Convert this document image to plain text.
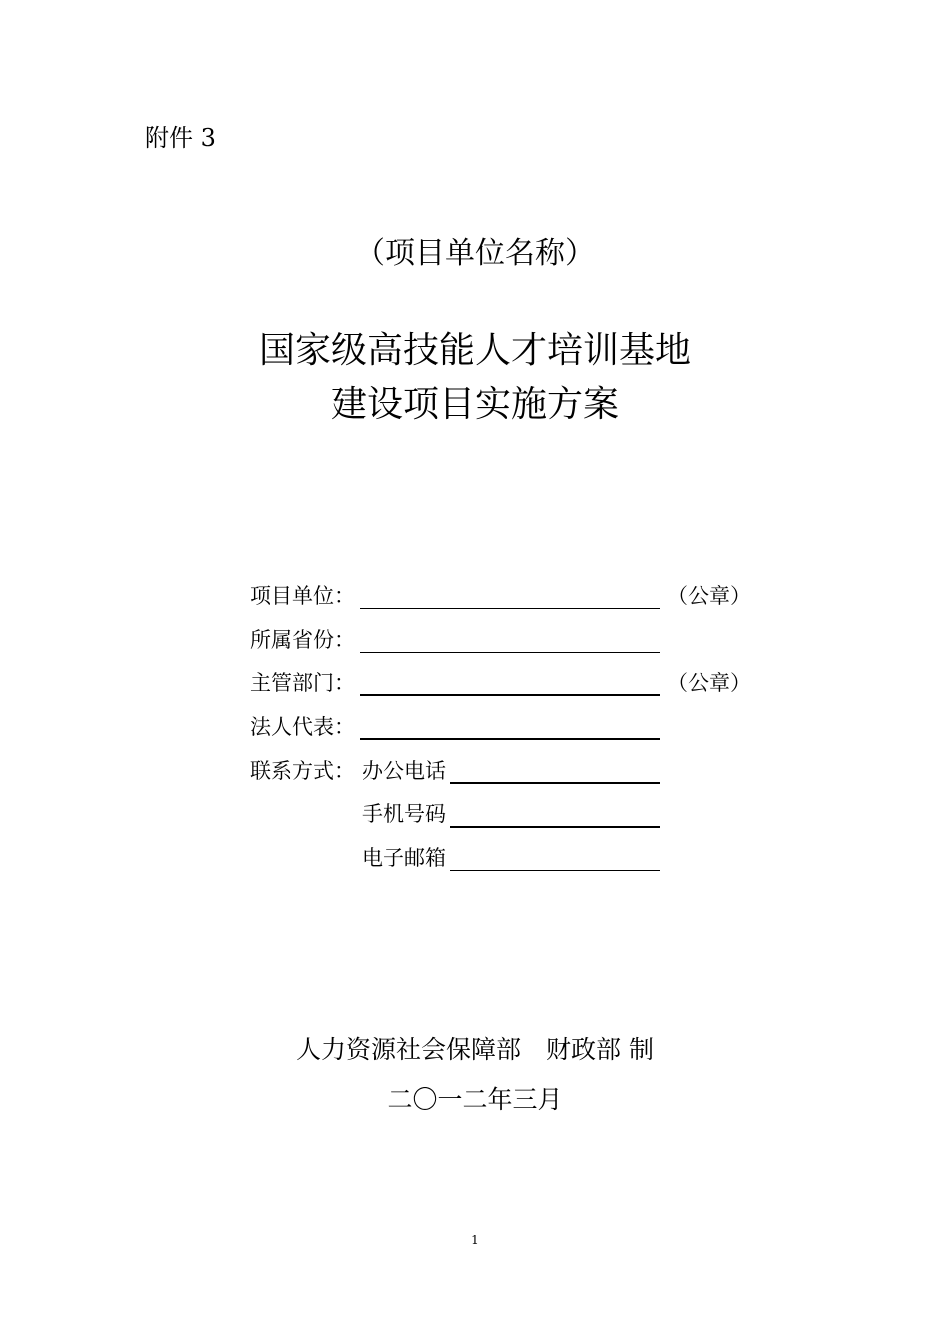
附件 3
（项目单位名称）
国家级高技能人才培训基地
建设项目实施方案
项目单位：	（公章）
所属省份：
主管部门：	（公章）
法人代表：
联系方式： 办公电话
手机号码
电子邮箱
人力资源社会保障部　财政部 制
二〇一二年三月
1
